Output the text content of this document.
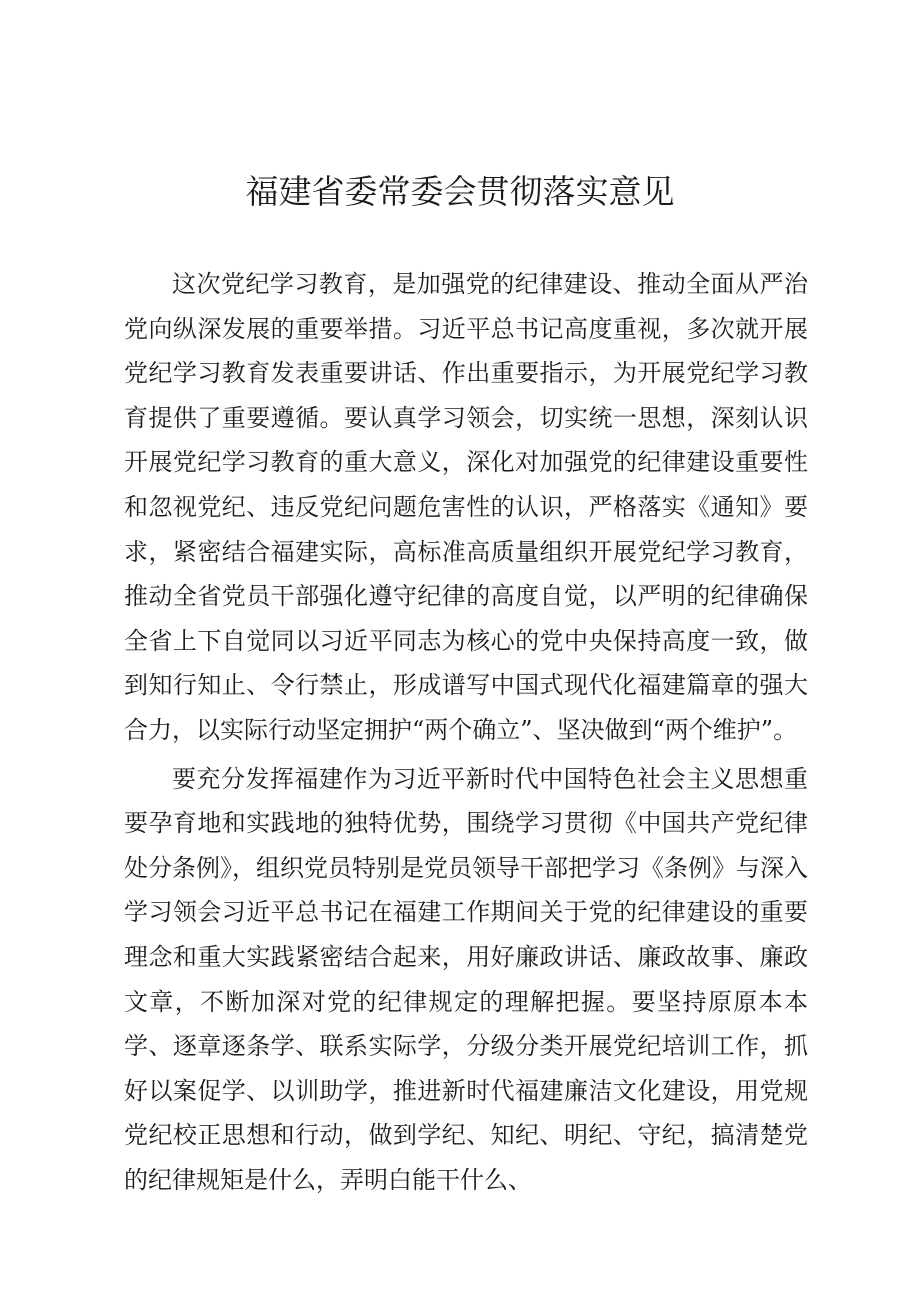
福建省委常委会贯彻落实意见

这次党纪学习教育，是加强党的纪律建设、推动全面从严治党向纵深发展的重要举措。习近平总书记高度重视，多次就开展党纪学习教育发表重要讲话、作出重要指示，为开展党纪学习教育提供了重要遵循。要认真学习领会，切实统一思想，深刻认识开展党纪学习教育的重大意义，深化对加强党的纪律建设重要性和忽视党纪、违反党纪问题危害性的认识，严格落实《通知》要求，紧密结合福建实际，高标准高质量组织开展党纪学习教育，推动全省党员干部强化遵守纪律的高度自觉，以严明的纪律确保全省上下自觉同以习近平同志为核心的党中央保持高度一致，做到知行知止、令行禁止，形成谱写中国式现代化福建篇章的强大合力，以实际行动坚定拥护“两个确立”、坚决做到“两个维护”。

要充分发挥福建作为习近平新时代中国特色社会主义思想重要孕育地和实践地的独特优势，围绕学习贯彻《中国共产党纪律处分条例》，组织党员特别是党员领导干部把学习《条例》与深入学习领会习近平总书记在福建工作期间关于党的纪律建设的重要理念和重大实践紧密结合起来，用好廉政讲话、廉政故事、廉政文章，不断加深对党的纪律规定的理解把握。要坚持原原本本学、逐章逐条学、联系实际学，分级分类开展党纪培训工作，抓好以案促学、以训助学，推进新时代福建廉洁文化建设，用党规党纪校正思想和行动，做到学纪、知纪、明纪、守纪，搞清楚党的纪律规矩是什么，弄明白能干什么、
